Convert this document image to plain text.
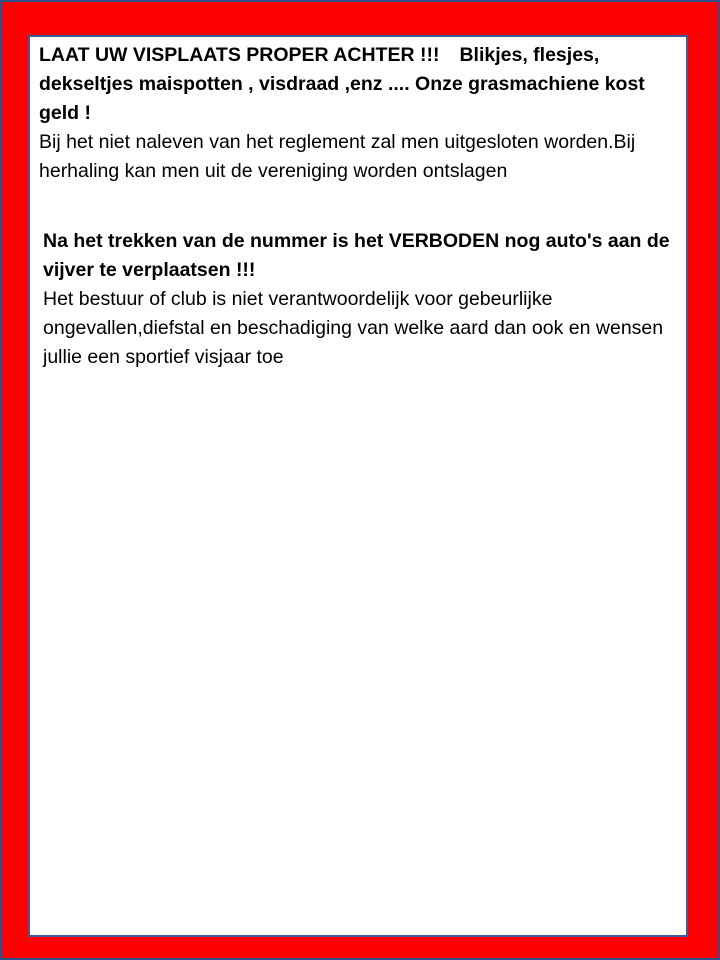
LAAT UW VISPLAATS PROPER ACHTER !!! Blikjes, flesjes, dekseltjes maispotten , visdraad ,enz .... Onze grasmachiene kost geld !
Bij het niet naleven van het reglement zal men uitgesloten worden.Bij herhaling kan men uit de vereniging worden ontslagen
Na het trekken van de nummer is het VERBODEN nog auto's aan de vijver te verplaatsen !!!
Het bestuur of club is niet verantwoordelijk voor gebeurlijke ongevallen,diefstal en beschadiging van welke aard dan ook en wensen jullie een sportief visjaar toe
